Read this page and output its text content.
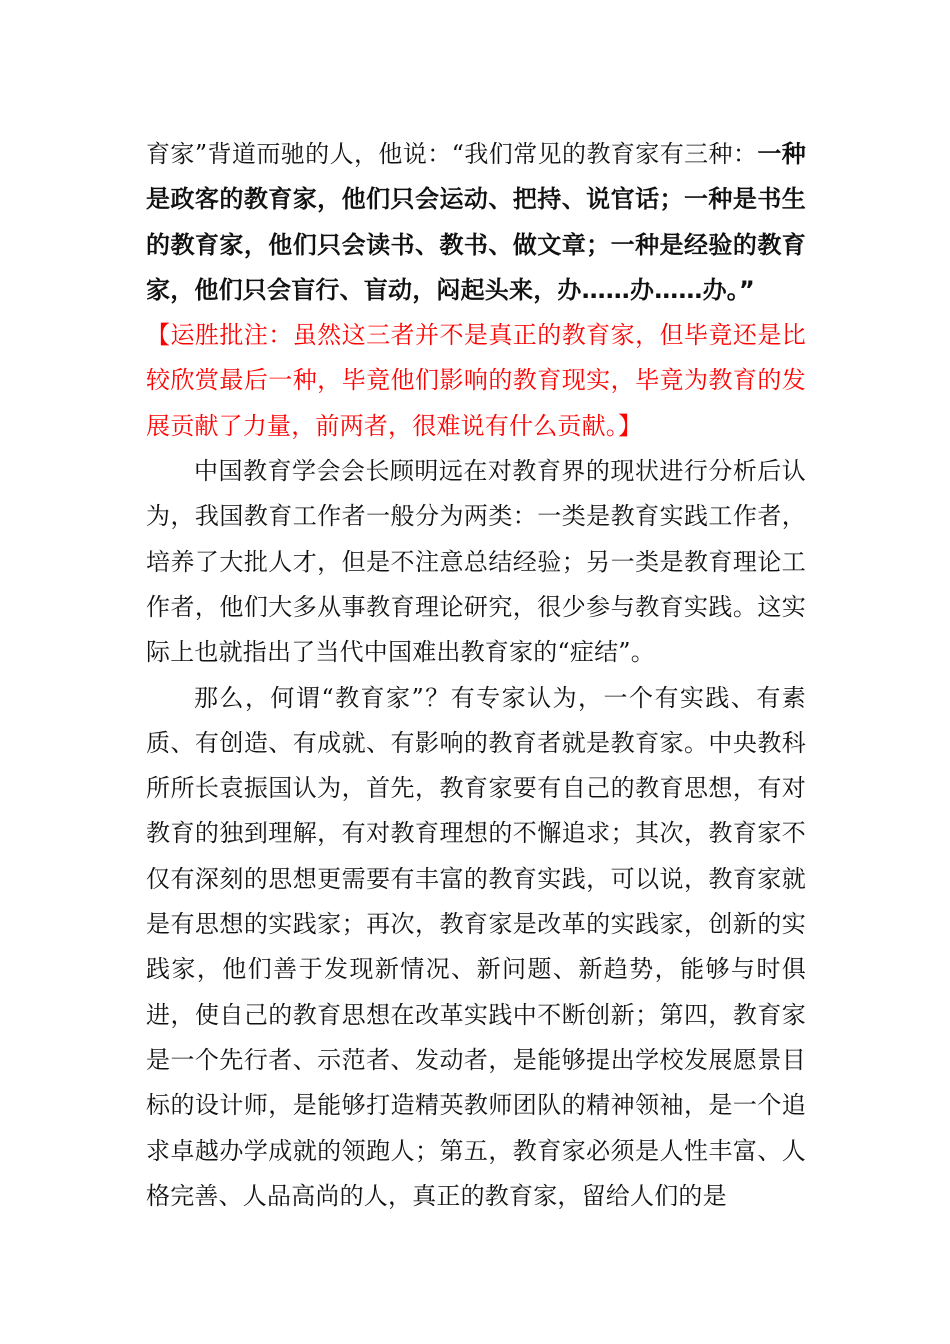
育家”背道而驰的人，他说：“我们常见的教育家有三种：一种是政客的教育家，他们只会运动、把持、说官话；一种是书生的教育家，他们只会读书、教书、做文章；一种是经验的教育家，他们只会盲行、盲动，闷起头来，办……办……办。”

【运胜批注：虽然这三者并不是真正的教育家，但毕竟还是比较欣赏最后一种，毕竟他们影响的教育现实，毕竟为教育的发展贡献了力量，前两者，很难说有什么贡献。】

中国教育学会会长顾明远在对教育界的现状进行分析后认为，我国教育工作者一般分为两类：一类是教育实践工作者，培养了大批人才，但是不注意总结经验；另一类是教育理论工作者，他们大多从事教育理论研究，很少参与教育实践。这实际上也就指出了当代中国难出教育家的“症结”。

那么，何谓“教育家”？有专家认为，一个有实践、有素质、有创造、有成就、有影响的教育者就是教育家。中央教科所所长袁振国认为，首先，教育家要有自己的教育思想，有对教育的独到理解，有对教育理想的不懈追求；其次，教育家不仅有深刻的思想更需要有丰富的教育实践，可以说，教育家就是有思想的实践家；再次，教育家是改革的实践家，创新的实践家，他们善于发现新情况、新问题、新趋势，能够与时俱进，使自己的教育思想在改革实践中不断创新；第四，教育家是一个先行者、示范者、发动者，是能够提出学校发展愿景目标的设计师，是能够打造精英教师团队的精神领袖，是一个追求卓越办学成就的领跑人；第五，教育家必须是人性丰富、人格完善、人品高尚的人，真正的教育家，留给人们的是
